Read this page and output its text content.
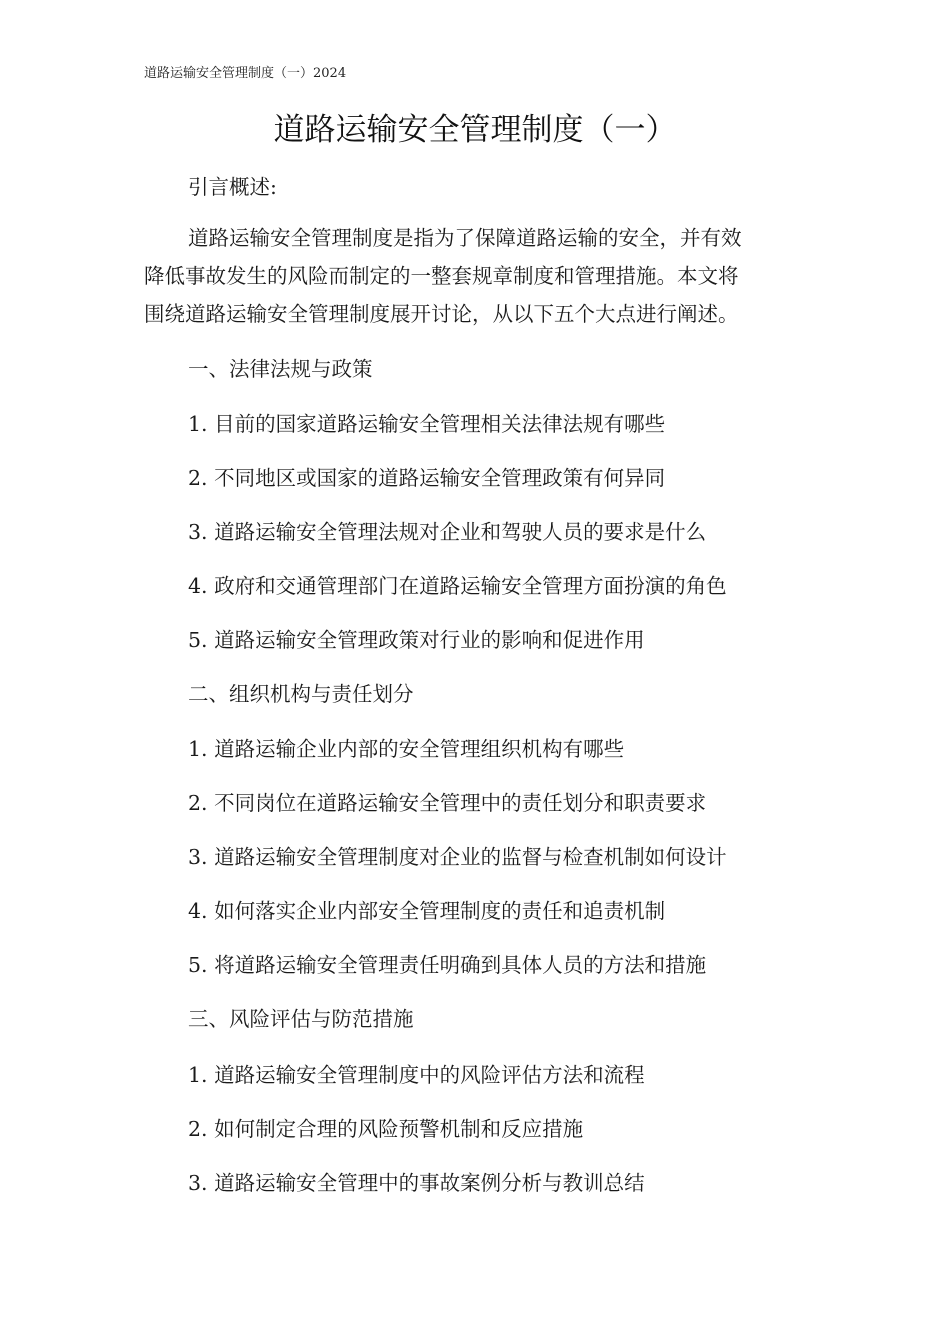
道路运输安全管理制度（一）2024
道路运输安全管理制度（一）
引言概述:
道路运输安全管理制度是指为了保障道路运输的安全，并有效
降低事故发生的风险而制定的一整套规章制度和管理措施。本文将
围绕道路运输安全管理制度展开讨论，从以下五个大点进行阐述。
一、法律法规与政策
1. 目前的国家道路运输安全管理相关法律法规有哪些
2. 不同地区或国家的道路运输安全管理政策有何异同
3. 道路运输安全管理法规对企业和驾驶人员的要求是什么
4. 政府和交通管理部门在道路运输安全管理方面扮演的角色
5. 道路运输安全管理政策对行业的影响和促进作用
二、组织机构与责任划分
1. 道路运输企业内部的安全管理组织机构有哪些
2. 不同岗位在道路运输安全管理中的责任划分和职责要求
3. 道路运输安全管理制度对企业的监督与检查机制如何设计
4. 如何落实企业内部安全管理制度的责任和追责机制
5. 将道路运输安全管理责任明确到具体人员的方法和措施
三、风险评估与防范措施
1. 道路运输安全管理制度中的风险评估方法和流程
2. 如何制定合理的风险预警机制和反应措施
3. 道路运输安全管理中的事故案例分析与教训总结
